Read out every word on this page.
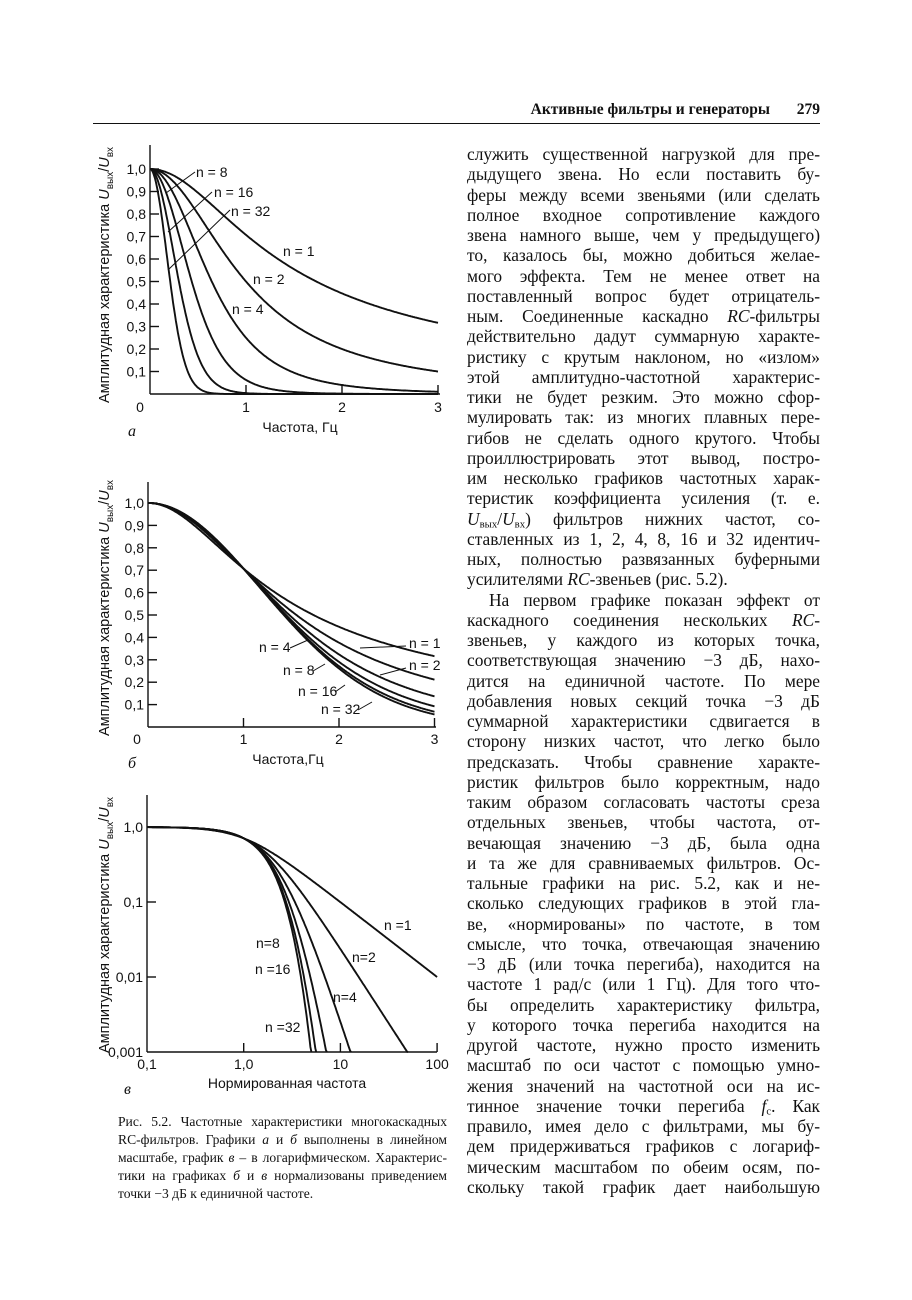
Активные фильтры и генераторы 279
служить существенной нагрузкой для пре-
дыдущего звена. Но если поставить бу-
феры между всеми звеньями (или сделать
полное входное сопротивление каждого
звена намного выше, чем у предыдущего)
то, казалось бы, можно добиться желае-
мого эффекта. Тем не менее ответ на
поставленный вопрос будет отрицатель-
ным. Соединенные каскадно RC-фильтры
действительно дадут суммарную характе-
ристику с крутым наклоном, но «излом»
этой амплитудно-частотной характерис-
тики не будет резким. Это можно сфор-
мулировать так: из многих плавных пере-
гибов не сделать одного крутого. Чтобы
проиллюстрировать этот вывод, постро-
им несколько графиков частотных харак-
теристик коэффициента усиления (т. е.
$U_{вых}/U_{вх}$) фильтров нижних частот, со-
ставленных из 1, 2, 4, 8, 16 и 32 идентич-
ных, полностью развязанных буферными
усилителями RC-звеньев (рис. 5.2).
На первом графике показан эффект от
каскадного соединения нескольких RC-
звеньев, у каждого из которых точка,
соответствующая значению −3 дБ, нахо-
дится на единичной частоте. По мере
добавления новых секций точка −3 дБ
суммарной характеристики сдвигается в
сторону низких частот, что легко было
предсказать. Чтобы сравнение характе-
ристик фильтров было корректным, надо
таким образом согласовать частоты среза
отдельных звеньев, чтобы частота, от-
вечающая значению −3 дБ, была одна
и та же для сравниваемых фильтров. Ос-
тальные графики на рис. 5.2, как и не-
сколько следующих графиков в этой гла-
ве, «нормированы» по частоте, в том
смысле, что точка, отвечающая значению
−3 дБ (или точка перегиба), находится на
частоте 1 рад/с (или 1 Гц). Для того что-
бы определить характеристику фильтра,
у которого точка перегиба находится на
другой частоте, нужно просто изменить
масштаб по оси частот с помощью умно-
жения значений на частотной оси на ис-
тинное значение точки перегиба $f_c$. Как
правило, имея дело с фильтрами, мы бу-
дем придерживаться графиков с логариф-
мическим масштабом по обеим осям, по-
скольку такой график дает наибольшую
0,1
0,2
0,3
0,4
0,5
0,6
0,7
0,8
0,9
1,0
0	1	2	3
n = 1
n = 2
n = 4
n = 8
n = 16
n = 32
Частота, Гц
а
Амплитудная характеристика $U_{вых}/U_{вх}$
0,1
0,2
0,3
0,4
0,5
0,6
0,7
0,8
0,9
1,0
0	1	2	3
n = 1
n = 2
n = 4
n = 8
n = 16
n = 32
Частота,Гц
б
Амплитудная характеристика $U_{вых}/U_{вх}$
0,001
0,01
0,1
1,0
0,1	1,0	10	100
n =1
n=2
n=4
n=8
n =16
n =32
Нормированная частота
в
Амплитудная характеристика $U_{вых}/U_{вх}$
Рис. 5.2. Частотные характеристики многокаскадных
RC-фильтров. Графики а и б выполнены в линейном
масштабе, график в – в логарифмическом. Характерис-
тики на графиках б и в нормализованы приведением
точки −3 дБ к единичной частоте.
